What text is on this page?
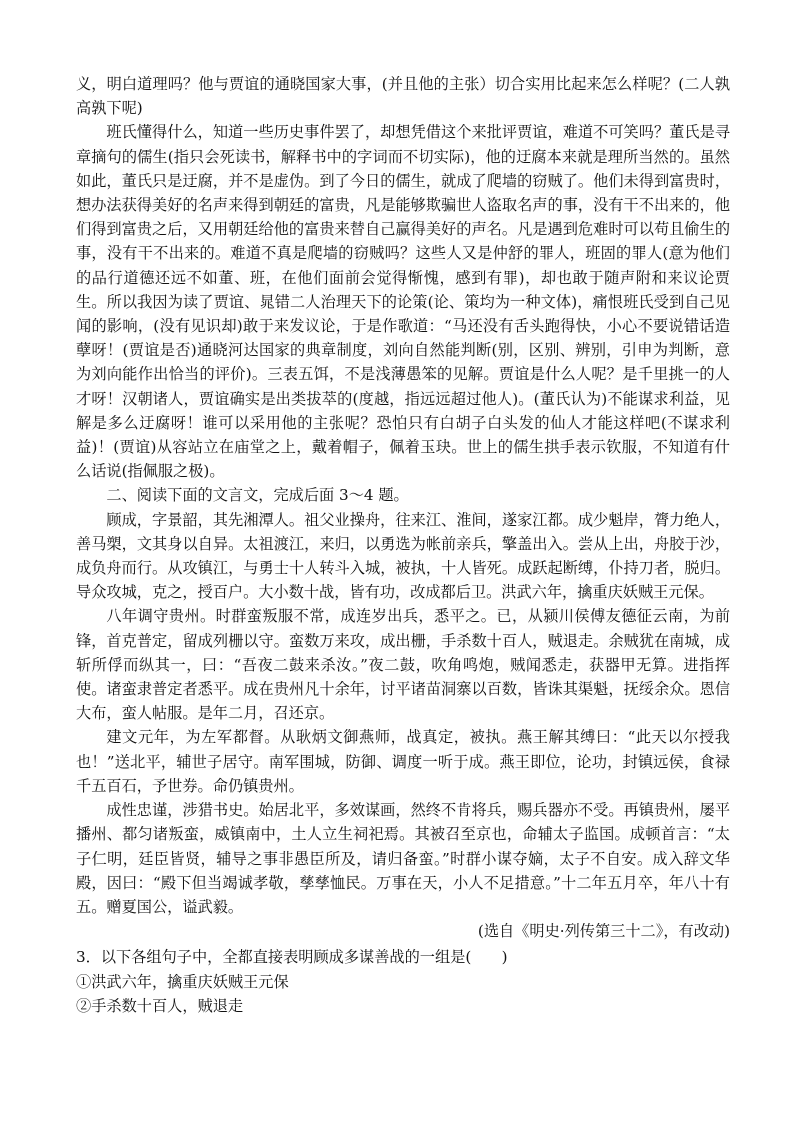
义，明白道理吗？他与贾谊的通晓国家大事，(并且他的主张）切合实用比起来怎么样呢？(二人孰高孰下呢)

班氏懂得什么，知道一些历史事件罢了，却想凭借这个来批评贾谊，难道不可笑吗？董氏是寻章摘句的儒生(指只会死读书，解释书中的字词而不切实际)，他的迂腐本来就是理所当然的。虽然如此，董氏只是迂腐，并不是虚伪。到了今日的儒生，就成了爬墙的窃贼了。他们未得到富贵时，想办法获得美好的名声来得到朝廷的富贵，凡是能够欺骗世人盗取名声的事，没有干不出来的，他们得到富贵之后，又用朝廷给他的富贵来替自己赢得美好的声名。凡是遇到危难时可以苟且偷生的事，没有干不出来的。难道不真是爬墙的窃贼吗？这些人又是仲舒的罪人，班固的罪人(意为他们的品行道德还远不如董、班，在他们面前会觉得惭愧，感到有罪)，却也敢于随声附和来议论贾生。所以我因为读了贾谊、晁错二人治理天下的论策(论、策均为一种文体)，痛恨班氏受到自己见闻的影响，(没有见识却)敢于来发议论，于是作歌道：“马还没有舌头跑得快，小心不要说错话造孽呀！(贾谊是否)通晓河达国家的典章制度，刘向自然能判断(别，区别、辨别，引申为判断，意为刘向能作出恰当的评价)。三表五饵，不是浅薄愚笨的见解。贾谊是什么人呢？是千里挑一的人才呀！汉朝诸人，贾谊确实是出类拔萃的(度越，指远远超过他人)。(董氏认为)不能谋求利益，见解是多么迂腐呀！谁可以采用他的主张呢？恐怕只有白胡子白头发的仙人才能这样吧(不谋求利益)！(贾谊)从容站立在庙堂之上，戴着帽子，佩着玉玦。世上的儒生拱手表示钦服，不知道有什么话说(指佩服之极)。

二、阅读下面的文言文，完成后面 3～4 题。

顾成，字景韶，其先湘潭人。祖父业操舟，往来江、淮间，遂家江都。成少魁岸，膂力绝人，善马槊，文其身以自异。太祖渡江，来归，以勇选为帐前亲兵，擎盖出入。尝从上出，舟胶于沙，成负舟而行。从攻镇江，与勇士十人转斗入城，被执，十人皆死。成跃起断缚，仆持刀者，脱归。导众攻城，克之，授百户。大小数十战，皆有功，改成都后卫。洪武六年，擒重庆妖贼王元保。

八年调守贵州。时群蛮叛服不常，成连岁出兵，悉平之。已，从颍川侯傅友德征云南，为前锋，首克普定，留成列栅以守。蛮数万来攻，成出栅，手杀数十百人，贼退走。余贼犹在南城，成斩所俘而纵其一，曰：“吾夜二鼓来杀汝。”夜二鼓，吹角鸣炮，贼闻悉走，获器甲无算。进指挥使。诸蛮隶普定者悉平。成在贵州凡十余年，讨平诸苗洞寨以百数，皆诛其渠魁，抚绥余众。恩信大布，蛮人帖服。是年二月，召还京。

建文元年，为左军都督。从耿炳文御燕师，战真定，被执。燕王解其缚曰：“此天以尔授我也！”送北平，辅世子居守。南军围城，防御、调度一听于成。燕王即位，论功，封镇远侯，食禄千五百石，予世券。命仍镇贵州。

成性忠谨，涉猎书史。始居北平，多效谋画，然终不肯将兵，赐兵器亦不受。再镇贵州，屡平播州、都匀诸叛蛮，威镇南中，土人立生祠祀焉。其被召至京也，命辅太子监国。成顿首言：“太子仁明，廷臣皆贤，辅导之事非愚臣所及，请归备蛮。”时群小谋夺嫡，太子不自安。成入辞文华殿，因曰：“殿下但当竭诚孝敬，孳孳恤民。万事在天，小人不足措意。”十二年五月卒，年八十有五。赠夏国公，谥武毅。

(选自《明史·列传第三十二》，有改动)

3．以下各组句子中，全都直接表明顾成多谋善战的一组是(　　)

①洪武六年，擒重庆妖贼王元保

②手杀数十百人，贼退走
